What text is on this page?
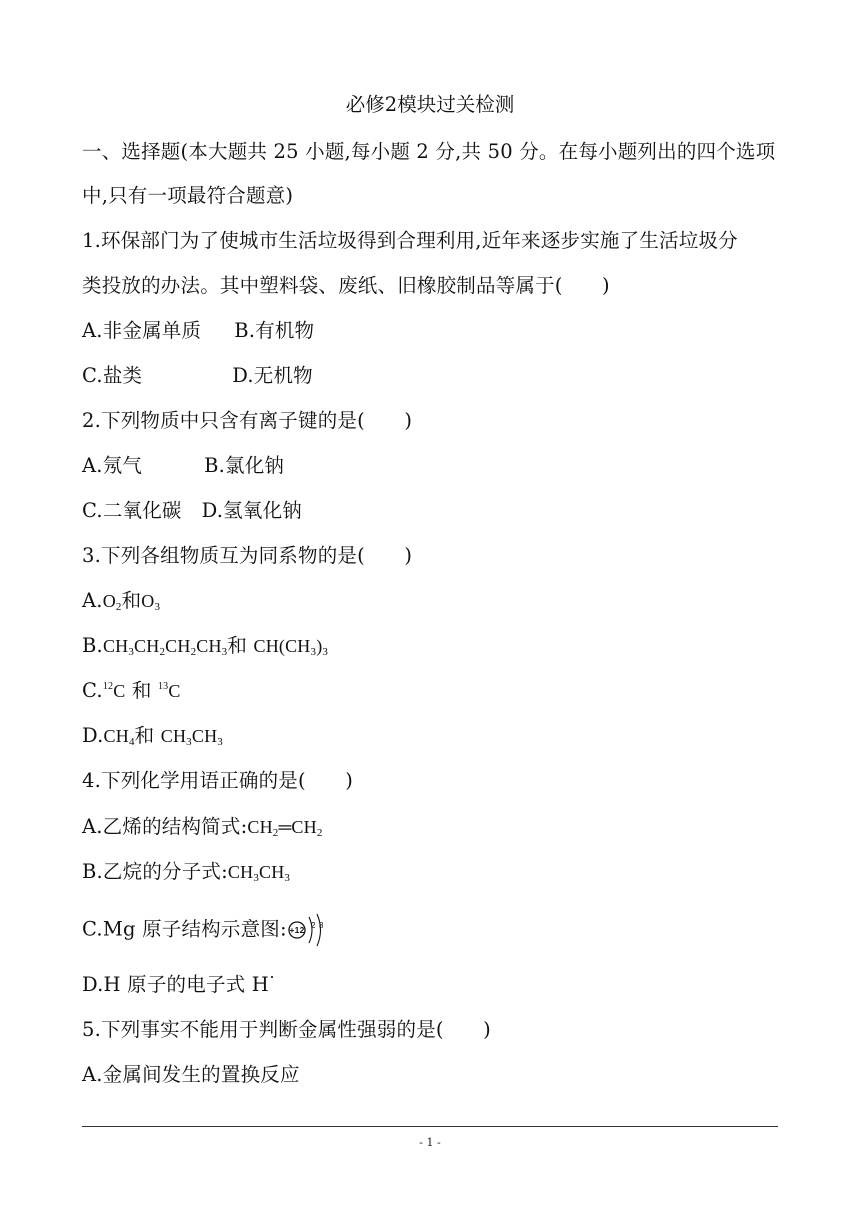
必修2模块过关检测
一、选择题(本大题共 25 小题,每小题 2 分,共 50 分。在每小题列出的四个选项
中,只有一项最符合题意)
1.环保部门为了使城市生活垃圾得到合理利用,近年来逐步实施了生活垃圾分
类投放的办法。其中塑料袋、废纸、旧橡胶制品等属于(　　)
A.非金属单质 B.有机物
C.盐类	D.无机物
2.下列物质中只含有离子键的是(　　)
A.氖气	B.氯化钠
C.二氧化碳 D.氢氧化钠
3.下列各组物质互为同系物的是(　　)
$A.O_2$和$O_3$
$B.CH_3CH_2CH_2CH_3$和 $CH(CH_3)_3$
C.$^{12}$C 和 $^{13}$C
$D.CH_4$和 $CH_3CH_3$
4.下列化学用语正确的是(　　)
A.乙烯的结构简式$:CH_2═CH_2$
B.乙烷的分子式$:CH_3CH_3$
C.Mg 原子结构示意图: +12 2 8
D.H 原子的电子式 H·
5.下列事实不能用于判断金属性强弱的是(　　)
A.金属间发生的置换反应
- 1 -
